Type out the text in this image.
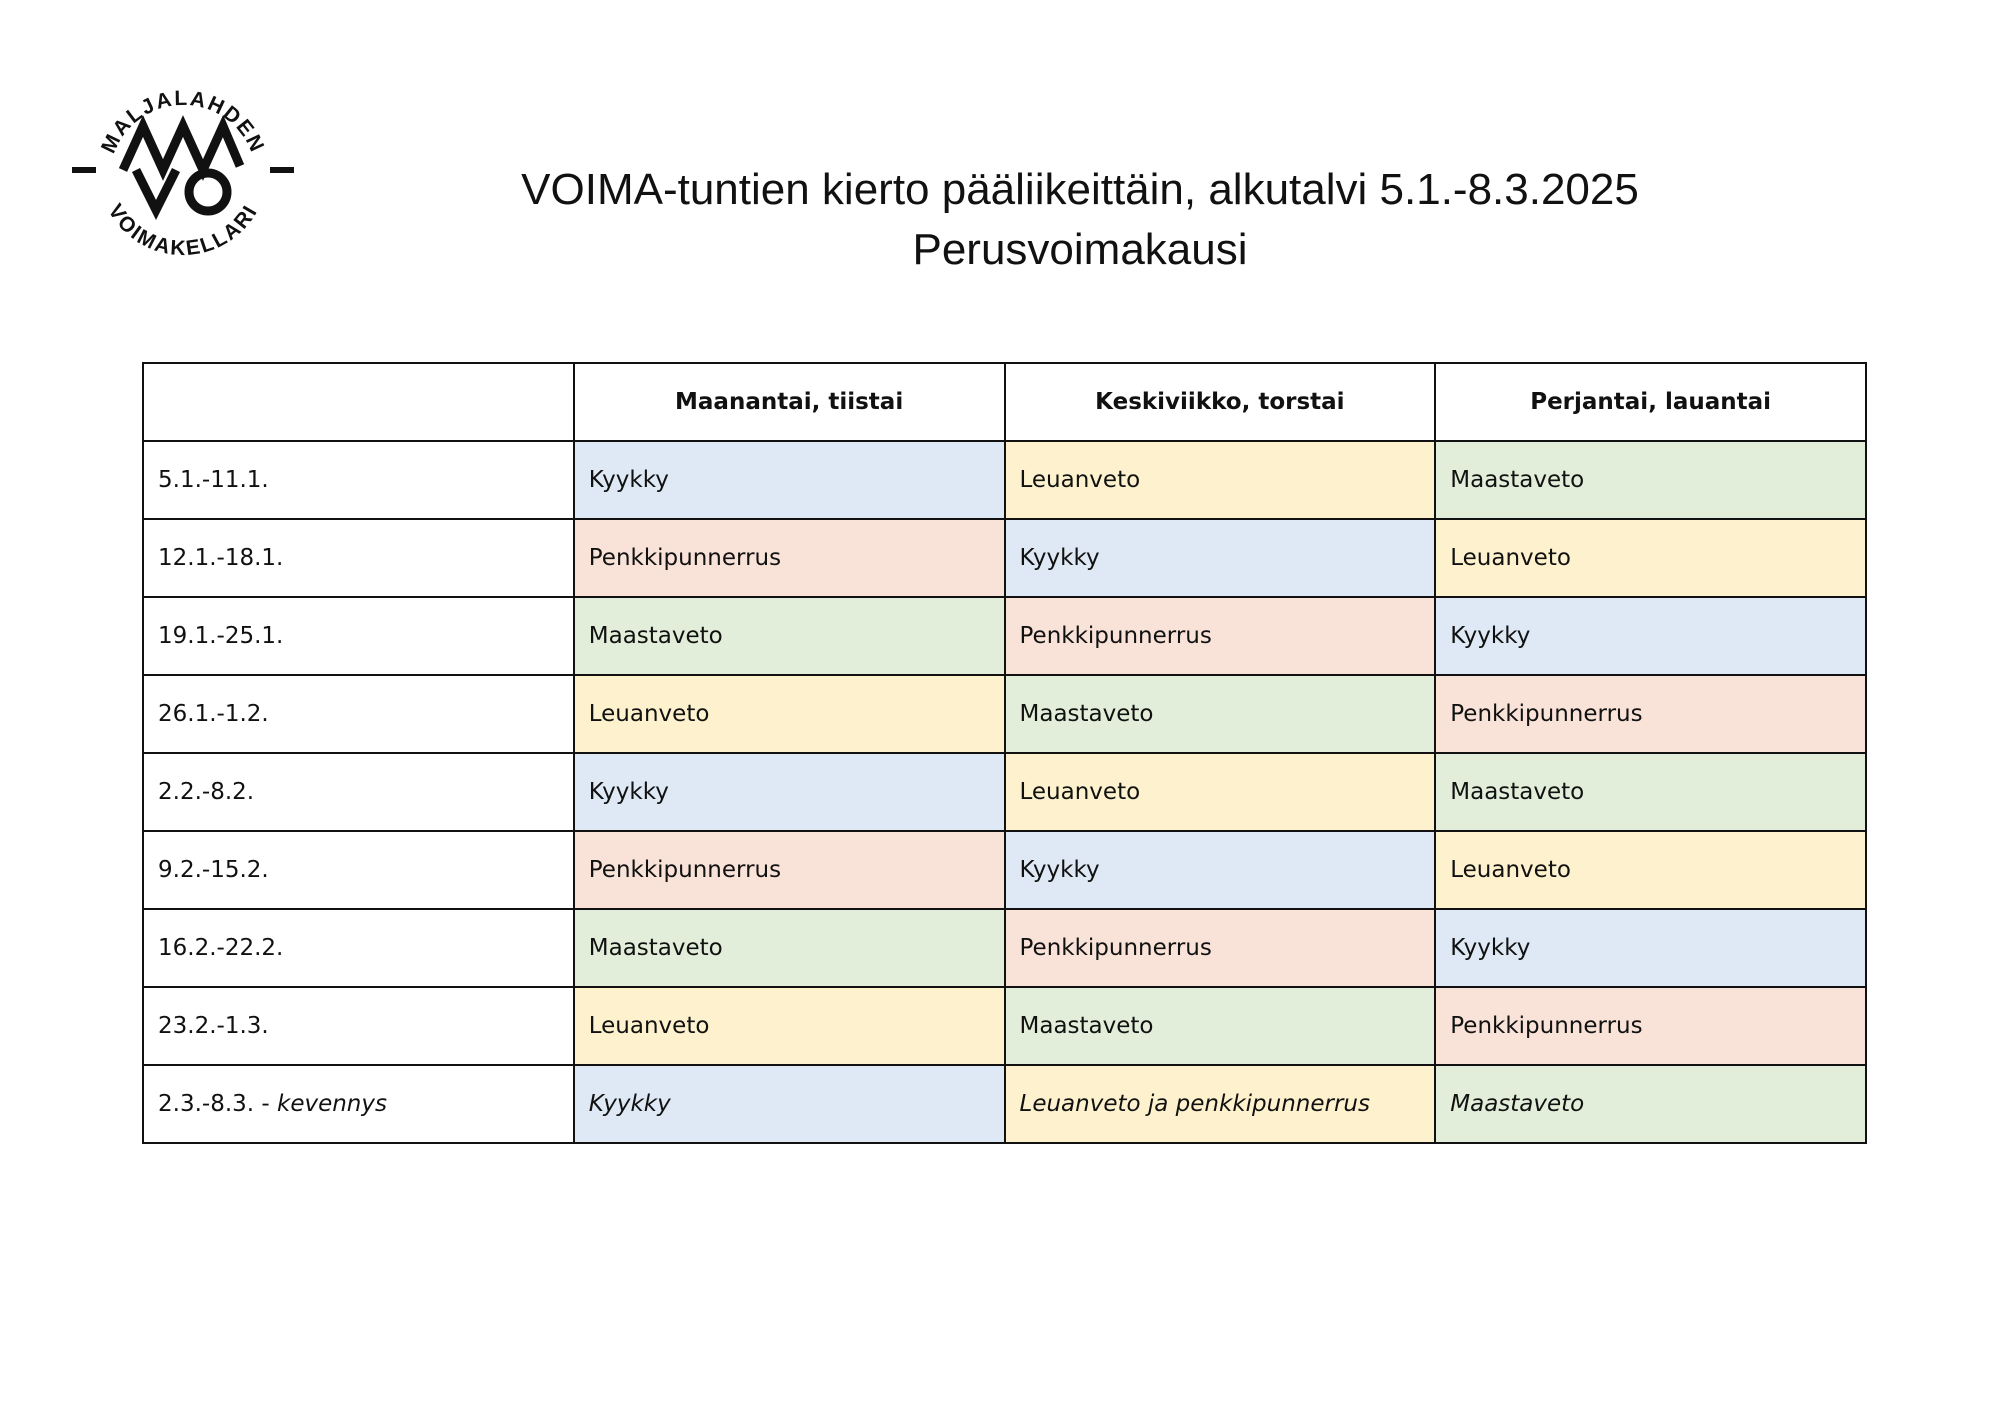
MALJALAHDEN
VOIMAKELLARI	VOIMA-tuntien kierto pääliikeittäin, alkutalvi 5.1.-8.3.2025
Perusvoimakausi
	Maanantai, tiistai	Keskiviikko, torstai	Perjantai, lauantai
5.1.-11.1.	Kyykky	Leuanveto	Maastaveto
12.1.-18.1.	Penkkipunnerrus	Kyykky	Leuanveto
19.1.-25.1.	Maastaveto	Penkkipunnerrus	Kyykky
26.1.-1.2.	Leuanveto	Maastaveto	Penkkipunnerrus
2.2.-8.2.	Kyykky	Leuanveto	Maastaveto
9.2.-15.2.	Penkkipunnerrus	Kyykky	Leuanveto
16.2.-22.2.	Maastaveto	Penkkipunnerrus	Kyykky
23.2.-1.3.	Leuanveto	Maastaveto	Penkkipunnerrus
2.3.-8.3. - kevennys	Kyykky	Leuanveto ja penkkipunnerrus	Maastaveto
